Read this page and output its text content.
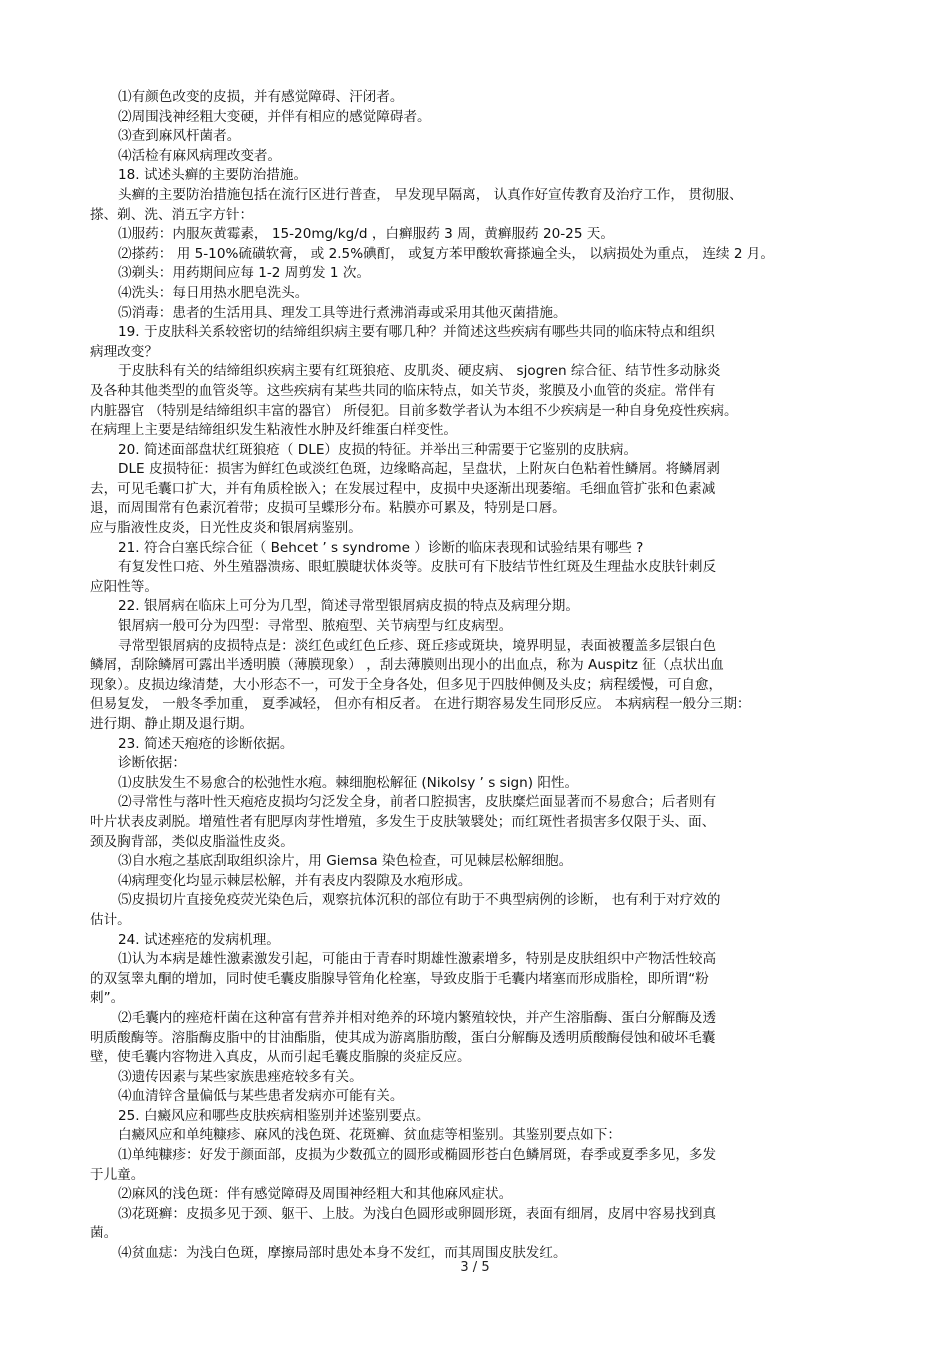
⑴有颜色改变的皮损，并有感觉障碍、汗闭者。
⑵周围浅神经粗大变硬，并伴有相应的感觉障碍者。
⑶查到麻风杆菌者。
⑷活检有麻风病理改变者。
18. 试述头癣的主要防治措施。
头癣的主要防治措施包括在流行区进行普查， 早发现早隔离， 认真作好宣传教育及治疗工作， 贯彻服、
搽、剃、洗、消五字方针：
⑴服药：内服灰黄霉素， 15-20mg/kg/d ，白癣服药 3 周，黄癣服药 20-25 天。
⑵搽药： 用 5-10%硫磺软膏， 或 2.5%碘酊， 或复方苯甲酸软膏搽遍全头， 以病损处为重点， 连续 2 月。
⑶剃头：用药期间应每 1-2 周剪发 1 次。
⑷洗头：每日用热水肥皂洗头。
⑸消毒：患者的生活用具、理发工具等进行煮沸消毒或采用其他灭菌措施。
19. 于皮肤科关系较密切的结缔组织病主要有哪几种？并简述这些疾病有哪些共同的临床特点和组织
病理改变？
于皮肤科有关的结缔组织疾病主要有红斑狼疮、皮肌炎、硬皮病、 sjogren 综合征、结节性多动脉炎
及各种其他类型的血管炎等。这些疾病有某些共同的临床特点，如关节炎，浆膜及小血管的炎症。常伴有
内脏器官 （特别是结缔组织丰富的器官） 所侵犯。目前多数学者认为本组不少疾病是一种自身免疫性疾病。
在病理上主要是结缔组织发生粘液性水肿及纤维蛋白样变性。
20. 简述面部盘状红斑狼疮（ DLE）皮损的特征。并举出三种需要于它鉴别的皮肤病。
DLE 皮损特征：损害为鲜红色或淡红色斑，边缘略高起，呈盘状，上附灰白色粘着性鳞屑。将鳞屑剥
去，可见毛囊口扩大，并有角质栓嵌入；在发展过程中，皮损中央逐渐出现萎缩。毛细血管扩张和色素减
退，而周围常有色素沉着带；皮损可呈蝶形分布。粘膜亦可累及，特别是口唇。
应与脂液性皮炎，日光性皮炎和银屑病鉴别。
21. 符合白塞氏综合征（ Behcet ’ s syndrome ）诊断的临床表现和试验结果有哪些 ?
有复发性口疮、外生殖器溃疡、眼虹膜睫状体炎等。皮肤可有下肢结节性红斑及生理盐水皮肤针刺反
应阳性等。
22. 银屑病在临床上可分为几型，简述寻常型银屑病皮损的特点及病理分期。
银屑病一般可分为四型：寻常型、脓疱型、关节病型与红皮病型。
寻常型银屑病的皮损特点是：淡红色或红色丘疹、斑丘疹或斑块，境界明显，表面被覆盖多层银白色
鳞屑，刮除鳞屑可露出半透明膜（薄膜现象） ，刮去薄膜则出现小的出血点，称为 Auspitz 征（点状出血
现象）。皮损边缘清楚，大小形态不一，可发于全身各处，但多见于四肢伸侧及头皮；病程缓慢，可自愈，
但易复发， 一般冬季加重， 夏季减轻， 但亦有相反者。 在进行期容易发生同形反应。 本病病程一般分三期：
进行期、静止期及退行期。
23. 简述天疱疮的诊断依据。
诊断依据：
⑴皮肤发生不易愈合的松弛性水疱。棘细胞松解征 (Nikolsy ’ s sign) 阳性。
⑵寻常性与落叶性天疱疮皮损均匀泛发全身，前者口腔损害，皮肤糜烂面显著而不易愈合；后者则有
叶片状表皮剥脱。增殖性者有肥厚肉芽性增殖，多发生于皮肤皱襞处；而红斑性者损害多仅限于头、面、
颈及胸背部，类似皮脂溢性皮炎。
⑶自水疱之基底刮取组织涂片，用 Giemsa 染色检查，可见棘层松解细胞。
⑷病理变化均显示棘层松解，并有表皮内裂隙及水疱形成。
⑸皮损切片直接免疫荧光染色后，观察抗体沉积的部位有助于不典型病例的诊断， 也有利于对疗效的
估计。
24. 试述痤疮的发病机理。
⑴认为本病是雄性激素激发引起，可能由于青春时期雄性激素增多，特别是皮肤组织中产物活性较高
的双氢睾丸酮的增加，同时使毛囊皮脂腺导管角化栓塞，导致皮脂于毛囊内堵塞而形成脂栓，即所谓“粉
刺”。
⑵毛囊内的痤疮杆菌在这种富有营养并相对绝养的环境内繁殖较快，并产生溶脂酶、蛋白分解酶及透
明质酸酶等。溶脂酶皮脂中的甘油酯脂，使其成为游离脂肪酸，蛋白分解酶及透明质酸酶侵蚀和破坏毛囊
壁，使毛囊内容物进入真皮，从而引起毛囊皮脂腺的炎症反应。
⑶遗传因素与某些家族患痤疮较多有关。
⑷血清锌含量偏低与某些患者发病亦可能有关。
25. 白癜风应和哪些皮肤疾病相鉴别并述鉴别要点。
白癜风应和单纯糠疹、麻风的浅色斑、花斑癣、贫血痣等相鉴别。其鉴别要点如下：
⑴单纯糠疹：好发于颜面部，皮损为少数孤立的圆形或椭圆形苍白色鳞屑斑，春季或夏季多见，多发
于儿童。
⑵麻风的浅色斑：伴有感觉障碍及周围神经粗大和其他麻风症状。
⑶花斑癣：皮损多见于颈、躯干、上肢。为浅白色圆形或卵圆形斑，表面有细屑，皮屑中容易找到真
菌。
⑷贫血痣：为浅白色斑，摩擦局部时患处本身不发红，而其周围皮肤发红。
3 / 5
